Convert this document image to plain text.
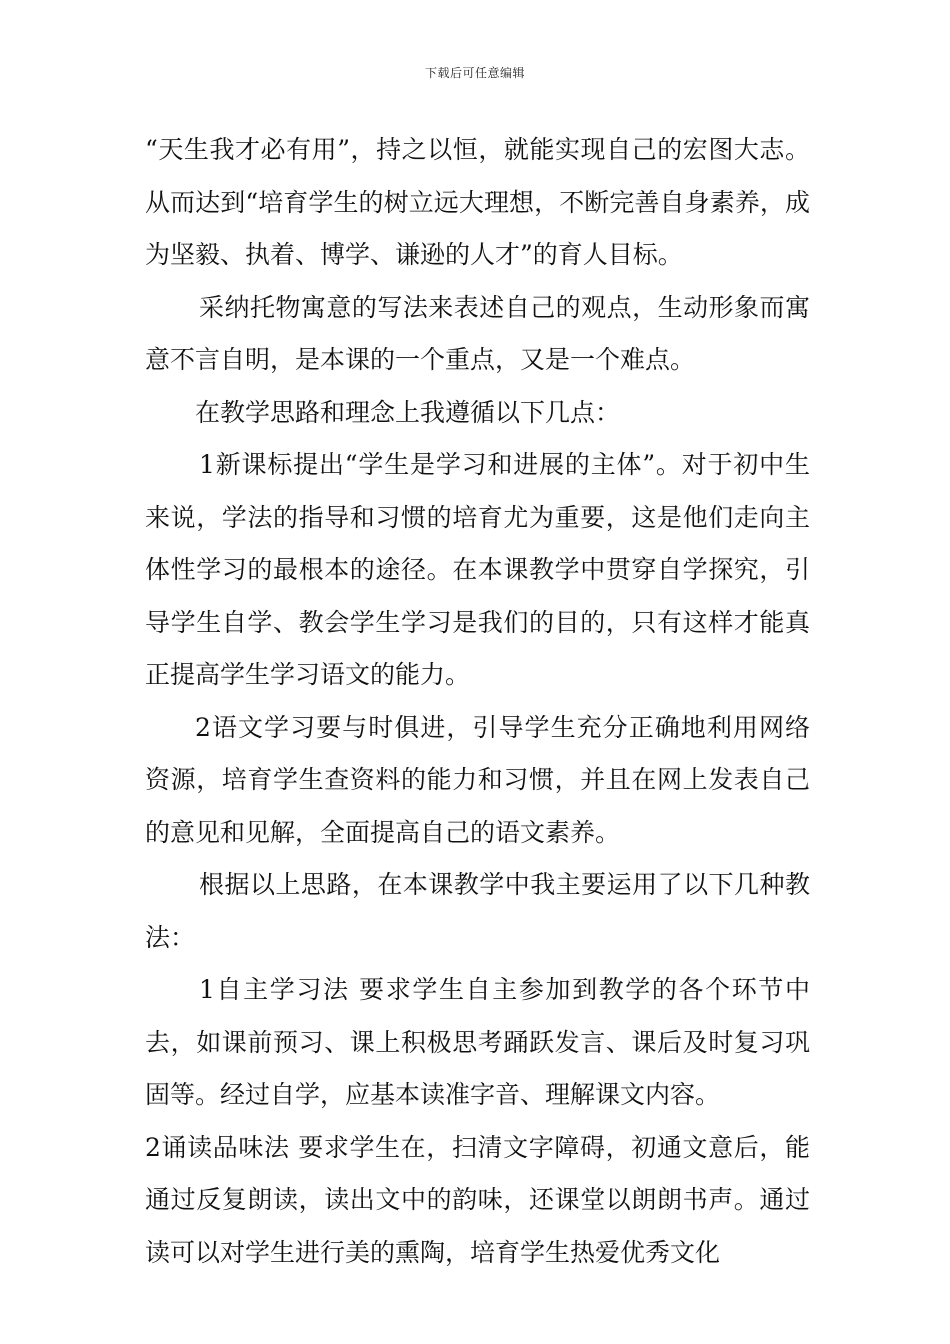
下载后可任意编辑

“天生我才必有用”，持之以恒，就能实现自己的宏图大志。从而达到“培育学生的树立远大理想，不断完善自身素养，成为坚毅、执着、博学、谦逊的人才”的育人目标。

采纳托物寓意的写法来表述自己的观点，生动形象而寓意不言自明，是本课的一个重点，又是一个难点。

在教学思路和理念上我遵循以下几点：

1新课标提出“学生是学习和进展的主体”。对于初中生来说，学法的指导和习惯的培育尤为重要，这是他们走向主体性学习的最根本的途径。在本课教学中贯穿自学探究，引导学生自学、教会学生学习是我们的目的，只有这样才能真正提高学生学习语文的能力。

2语文学习要与时俱进，引导学生充分正确地利用网络资源，培育学生查资料的能力和习惯，并且在网上发表自己的意见和见解，全面提高自己的语文素养。

根据以上思路，在本课教学中我主要运用了以下几种教法：

1自主学习法 要求学生自主参加到教学的各个环节中去，如课前预习、课上积极思考踊跃发言、课后及时复习巩固等。经过自学，应基本读准字音、理解课文内容。

2诵读品味法 要求学生在，扫清文字障碍，初通文意后，能通过反复朗读，读出文中的韵味，还课堂以朗朗书声。通过读可以对学生进行美的熏陶，培育学生热爱优秀文化
